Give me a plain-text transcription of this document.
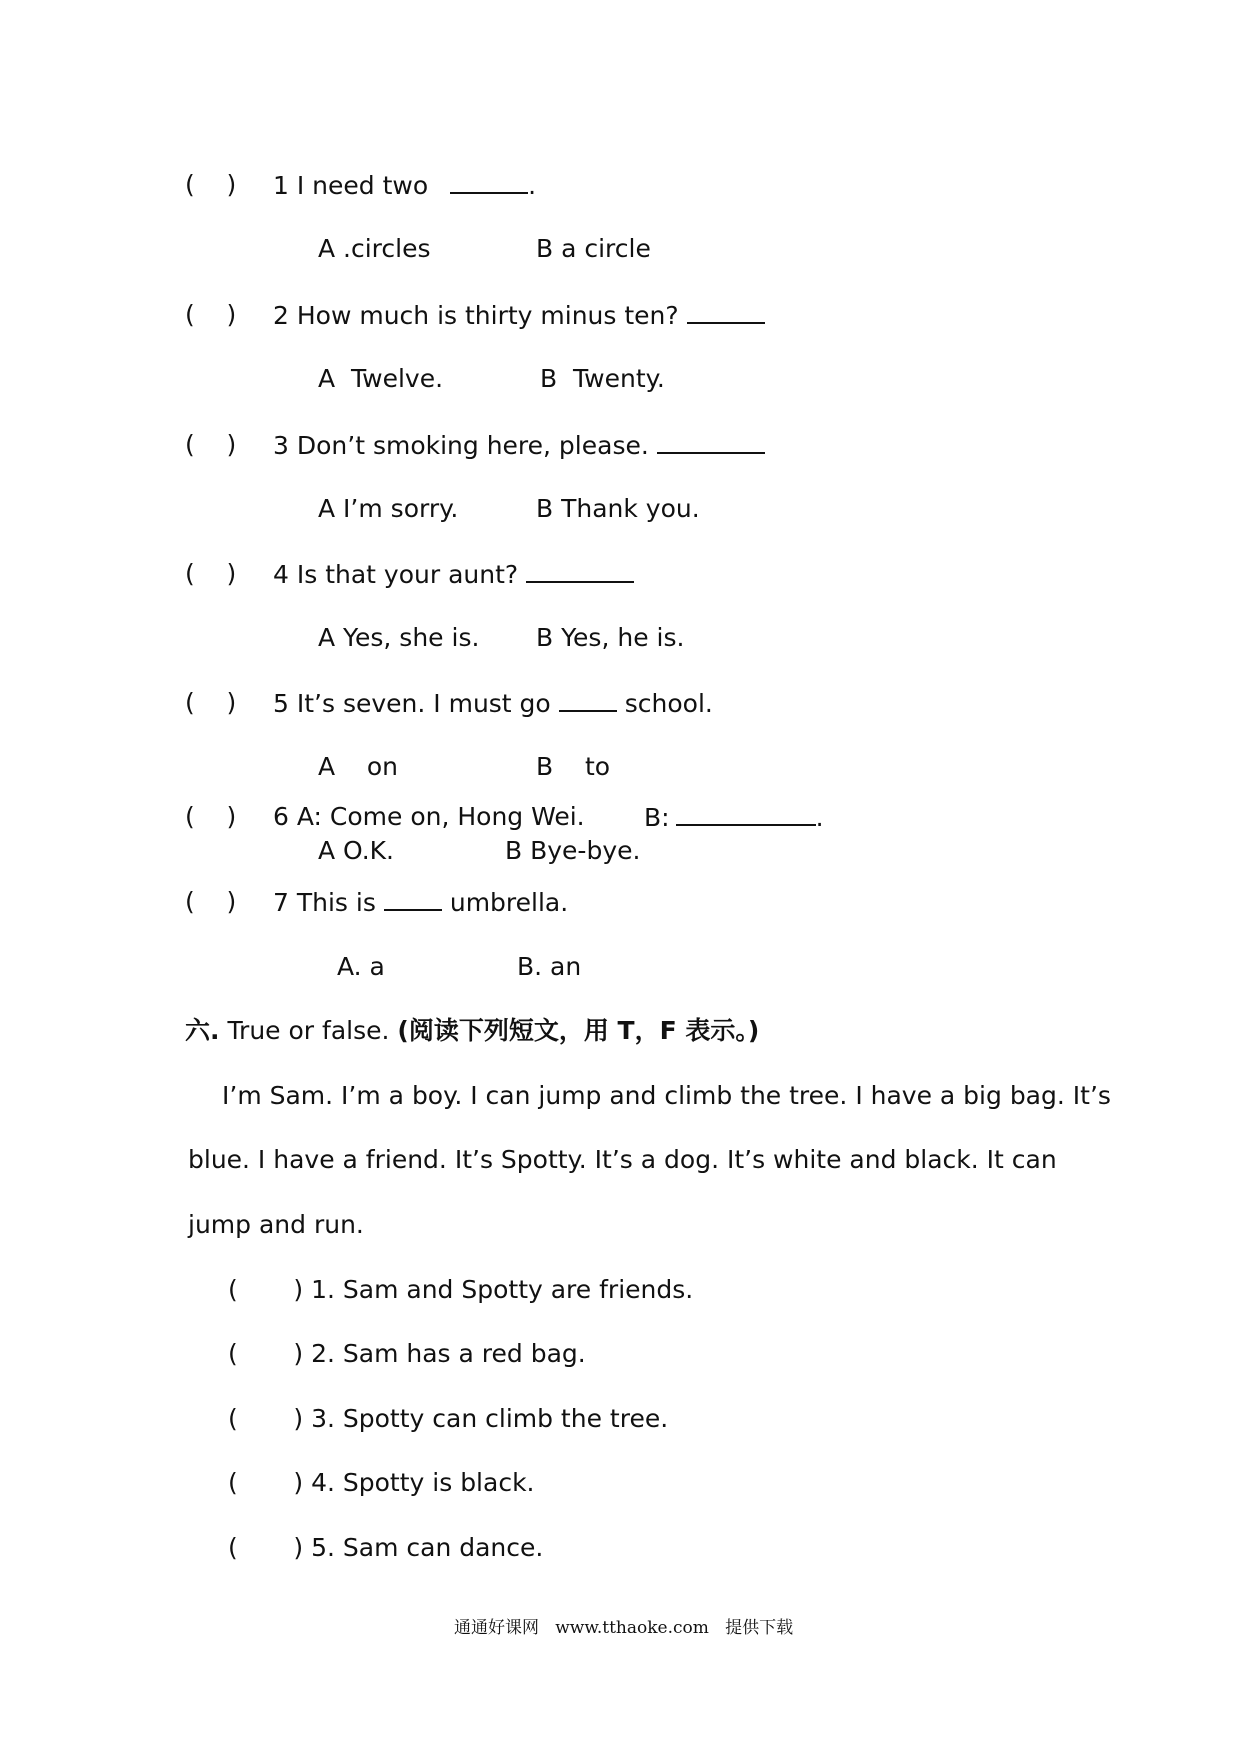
(    ) 1 I need two	.
A .circles	B a circle
(    ) 2 How much is thirty minus ten?
A  Twelve.	B  Twenty.
(    ) 3 Don’t smoking here, please.
A I’m sorry.	B Thank you.
(    ) 4 Is that your aunt?
A Yes, she is. B Yes, he is.
(    ) 5 It’s seven. I must go	school.
A    on	B    to
(    ) 6 A: Come on, Hong Wei. B:	.
A O.K.	B Bye-bye.
(    ) 7 This is	umbrella.
A. a	B. an
六. True or false. (阅读下列短文，用 T，F 表示。)
I’m Sam. I’m a boy. I can jump and climb the tree. I have a big bag. It’s
blue. I have a friend. It’s Spotty. It’s a dog. It’s white and black. It can
jump and run.
(       ) 1. Sam and Spotty are friends.
(       ) 2. Sam has a red bag.
(       ) 3. Spotty can climb the tree.
(       ) 4. Spotty is black.
(       ) 5. Sam can dance.
通通好课网   www.tthaoke.com   提供下载
